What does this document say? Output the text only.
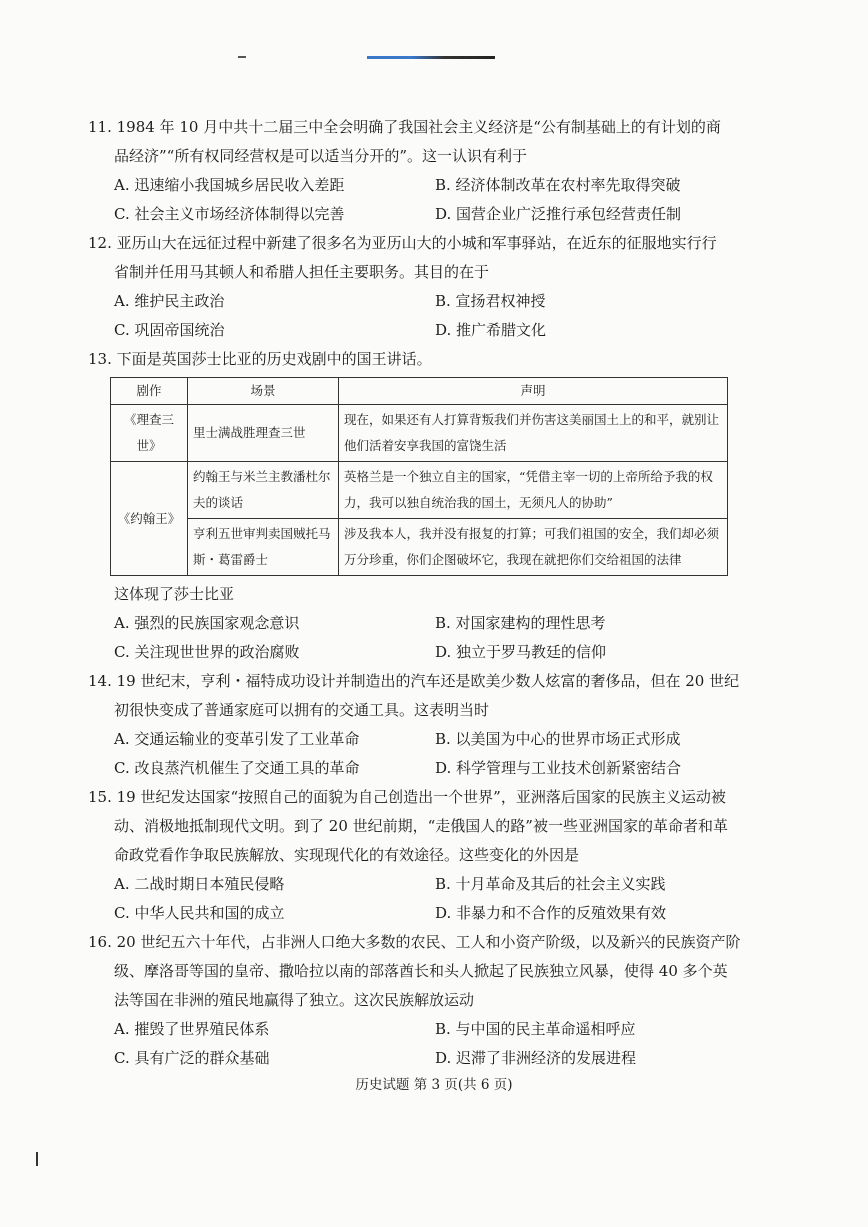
11. 1984 年 10 月中共十二届三中全会明确了我国社会主义经济是“公有制基础上的有计划的商
品经济”“所有权同经营权是可以适当分开的”。这一认识有利于
A. 迅速缩小我国城乡居民收入差距	B. 经济体制改革在农村率先取得突破
C. 社会主义市场经济体制得以完善	D. 国营企业广泛推行承包经营责任制
12. 亚历山大在远征过程中新建了很多名为亚历山大的小城和军事驿站，在近东的征服地实行行
省制并任用马其顿人和希腊人担任主要职务。其目的在于
A. 维护民主政治	B. 宣扬君权神授
C. 巩固帝国统治	D. 推广希腊文化
13. 下面是英国莎士比亚的历史戏剧中的国王讲话。
剧作	场景	声明
《理查三世》	里士满战胜理查三世	现在，如果还有人打算背叛我们并伤害这美丽国土上的和平，就别让他们活着安享我国的富饶生活
《约翰王》	约翰王与米兰主教潘杜尔夫的谈话	英格兰是一个独立自主的国家，“凭借主宰一切的上帝所给予我的权力，我可以独自统治我的国土，无须凡人的协助”
	亨利五世审判卖国贼托马斯・葛雷爵士	涉及我本人，我并没有报复的打算；可我们祖国的安全，我们却必须万分珍重，你们企图破坏它，我现在就把你们交给祖国的法律
这体现了莎士比亚
A. 强烈的民族国家观念意识	B. 对国家建构的理性思考
C. 关注现世世界的政治腐败	D. 独立于罗马教廷的信仰
14. 19 世纪末，亨利・福特成功设计并制造出的汽车还是欧美少数人炫富的奢侈品，但在 20 世纪
初很快变成了普通家庭可以拥有的交通工具。这表明当时
A. 交通运输业的变革引发了工业革命	B. 以美国为中心的世界市场正式形成
C. 改良蒸汽机催生了交通工具的革命	D. 科学管理与工业技术创新紧密结合
15. 19 世纪发达国家“按照自己的面貌为自己创造出一个世界”，亚洲落后国家的民族主义运动被
动、消极地抵制现代文明。到了 20 世纪前期，“走俄国人的路”被一些亚洲国家的革命者和革
命政党看作争取民族解放、实现现代化的有效途径。这些变化的外因是
A. 二战时期日本殖民侵略	B. 十月革命及其后的社会主义实践
C. 中华人民共和国的成立	D. 非暴力和不合作的反殖效果有效
16. 20 世纪五六十年代，占非洲人口绝大多数的农民、工人和小资产阶级，以及新兴的民族资产阶
级、摩洛哥等国的皇帝、撒哈拉以南的部落酋长和头人掀起了民族独立风暴，使得 40 多个英
法等国在非洲的殖民地赢得了独立。这次民族解放运动
A. 摧毁了世界殖民体系	B. 与中国的民主革命遥相呼应
C. 具有广泛的群众基础	D. 迟滞了非洲经济的发展进程
历史试题 第 3 页(共 6 页)
